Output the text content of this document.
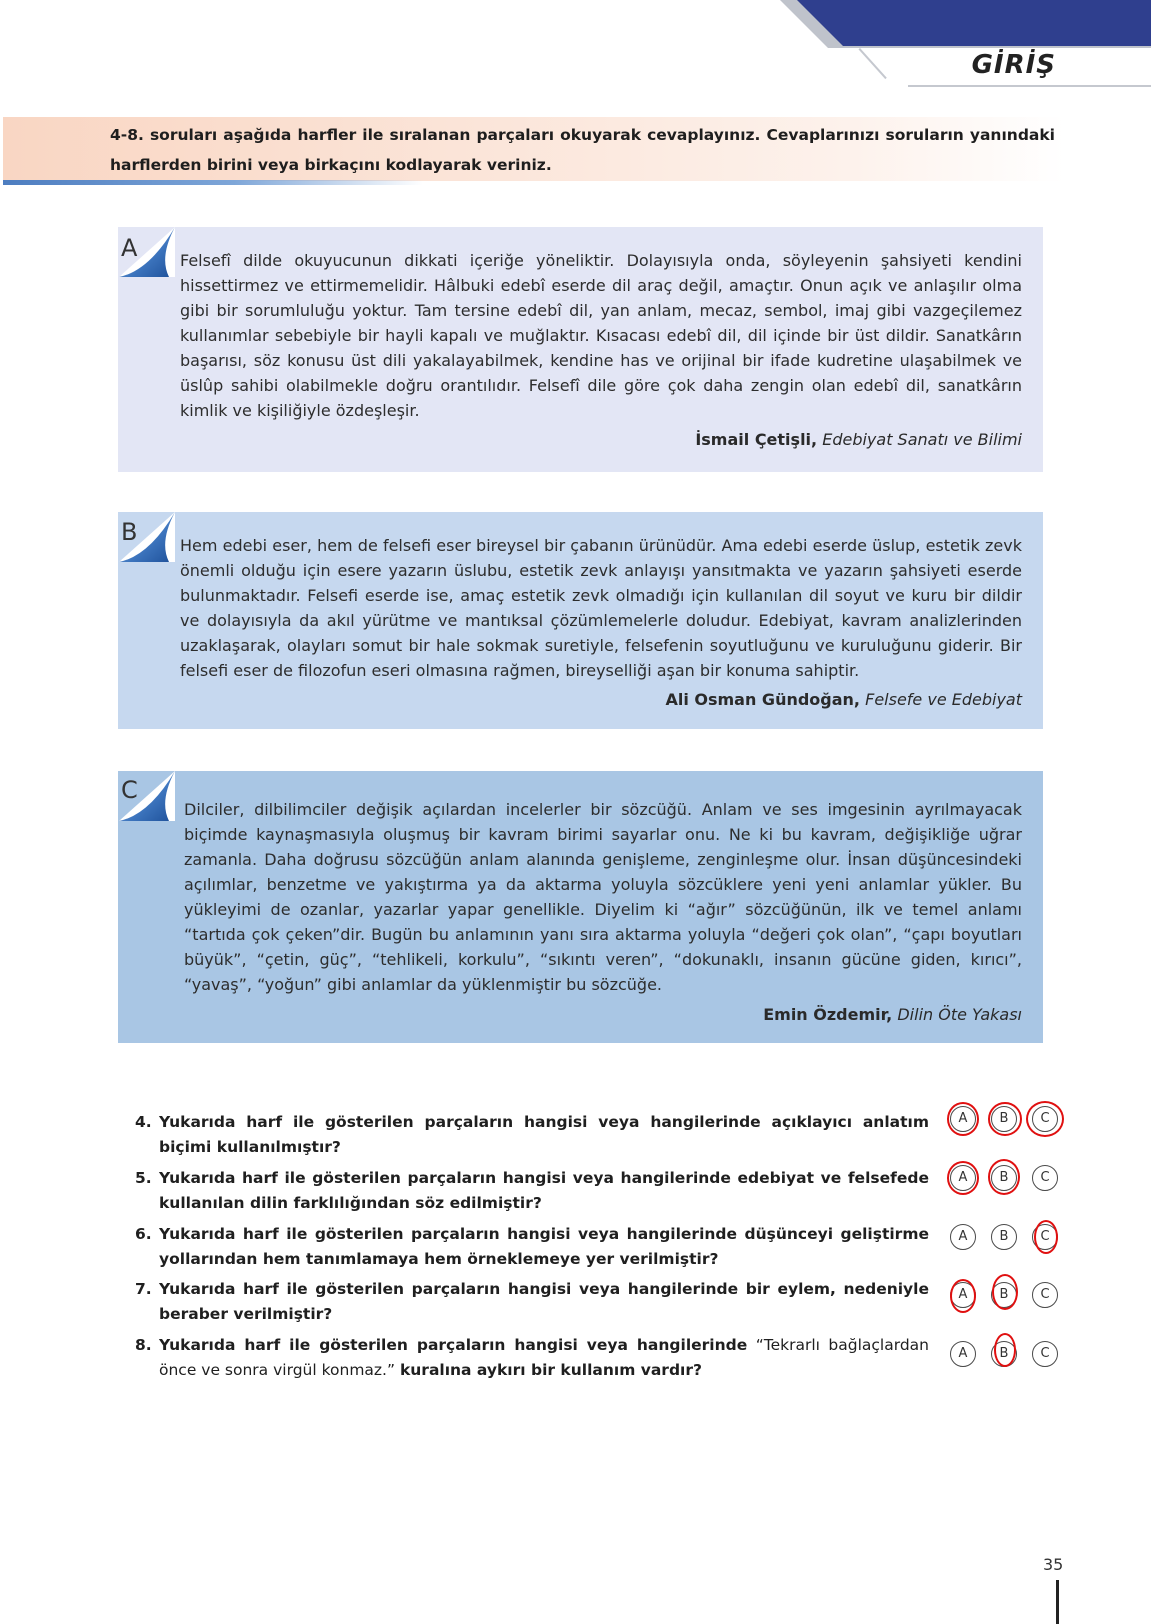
GİRİŞ
4-8. soruları aşağıda harfler ile sıralanan parçaları okuyarak cevaplayınız. Cevaplarınızı soruların yanındaki harflerden birini veya birkaçını kodlayarak veriniz.
A	Felsefî dilde okuyucunun dikkati içeriğe yöneliktir. Dolayısıyla onda, söyleyenin şahsiyeti kendini hissettirmez ve ettirmemelidir. Hâlbuki edebî eserde dil araç değil, amaçtır. Onun açık ve anlaşılır olma gibi bir sorumluluğu yoktur. Tam tersine edebî dil, yan anlam, mecaz, sembol, imaj gibi vazgeçilemez kullanımlar sebebiyle bir hayli kapalı ve muğlaktır. Kısacası edebî dil, dil içinde bir üst dildir. Sanatkârın başarısı, söz konusu üst dili yakalayabilmek, kendine has ve orijinal bir ifade kudretine ulaşabilmek ve üslûp sahibi olabilmekle doğru orantılıdır. Felsefî dile göre çok daha zengin olan edebî dil, sanatkârın kimlik ve kişiliğiyle özdeşleşir.
İsmail Çetişli, Edebiyat Sanatı ve Bilimi
B	Hem edebi eser, hem de felsefi eser bireysel bir çabanın ürünüdür. Ama edebi eserde üslup, estetik zevk önemli olduğu için esere yazarın üslubu, estetik zevk anlayışı yansıtmakta ve yazarın şahsiyeti eserde bulunmaktadır. Felsefi eserde ise, amaç estetik zevk olmadığı için kullanılan dil soyut ve kuru bir dildir ve dolayısıyla da akıl yürütme ve mantıksal çözümlemelerle doludur. Edebiyat, kavram analizlerinden uzaklaşarak, olayları somut bir hale sokmak suretiyle, felsefenin soyutluğunu ve kuruluğunu giderir. Bir felsefi eser de filozofun eseri olmasına rağmen, bireyselliği aşan bir konuma sahiptir.
Ali Osman Gündoğan, Felsefe ve Edebiyat
C
Dilciler, dilbilimciler değişik açılardan incelerler bir sözcüğü. Anlam ve ses imgesinin ayrılmayacak biçimde kaynaşmasıyla oluşmuş bir kavram birimi sayarlar onu. Ne ki bu kavram, değişikliğe uğrar zamanla. Daha doğrusu sözcüğün anlam alanında genişleme, zenginleşme olur. İnsan düşüncesindeki açılımlar, benzetme ve yakıştırma ya da aktarma yoluyla sözcüklere yeni yeni anlamlar yükler. Bu yükleyimi de ozanlar, yazarlar yapar genellikle. Diyelim ki “ağır” sözcüğünün, ilk ve temel anlamı “tartıda çok çeken”dir. Bugün bu anlamının yanı sıra aktarma yoluyla “değeri çok olan”, “çapı boyutları büyük”, “çetin, güç”, “tehlikeli, korkulu”, “sıkıntı veren”, “dokunaklı, insanın gücüne giden, kırıcı”, “yavaş”, “yoğun” gibi anlamlar da yüklenmiştir bu sözcüğe.
Emin Özdemir, Dilin Öte Yakası
4. Yukarıda harf ile gösterilen parçaların hangisi veya hangilerinde açıklayıcı anlatım biçimi kullanılmıştır?
5. Yukarıda harf ile gösterilen parçaların hangisi veya hangilerinde edebiyat ve felsefede kullanılan dilin farklılığından söz edilmiştir?
6. Yukarıda harf ile gösterilen parçaların hangisi veya hangilerinde düşünceyi geliştirme yollarından hem tanımlamaya hem örneklemeye yer verilmiştir?
7. Yukarıda harf ile gösterilen parçaların hangisi veya hangilerinde bir eylem, nedeniyle beraber verilmiştir?
8. Yukarıda harf ile gösterilen parçaların hangisi veya hangilerinde “Tekrarlı bağlaçlardan önce ve sonra virgül konmaz.” kuralına aykırı bir kullanım vardır?
A	B	C
A	B	C
A	B	C
A	B	C
A	B	C
35
